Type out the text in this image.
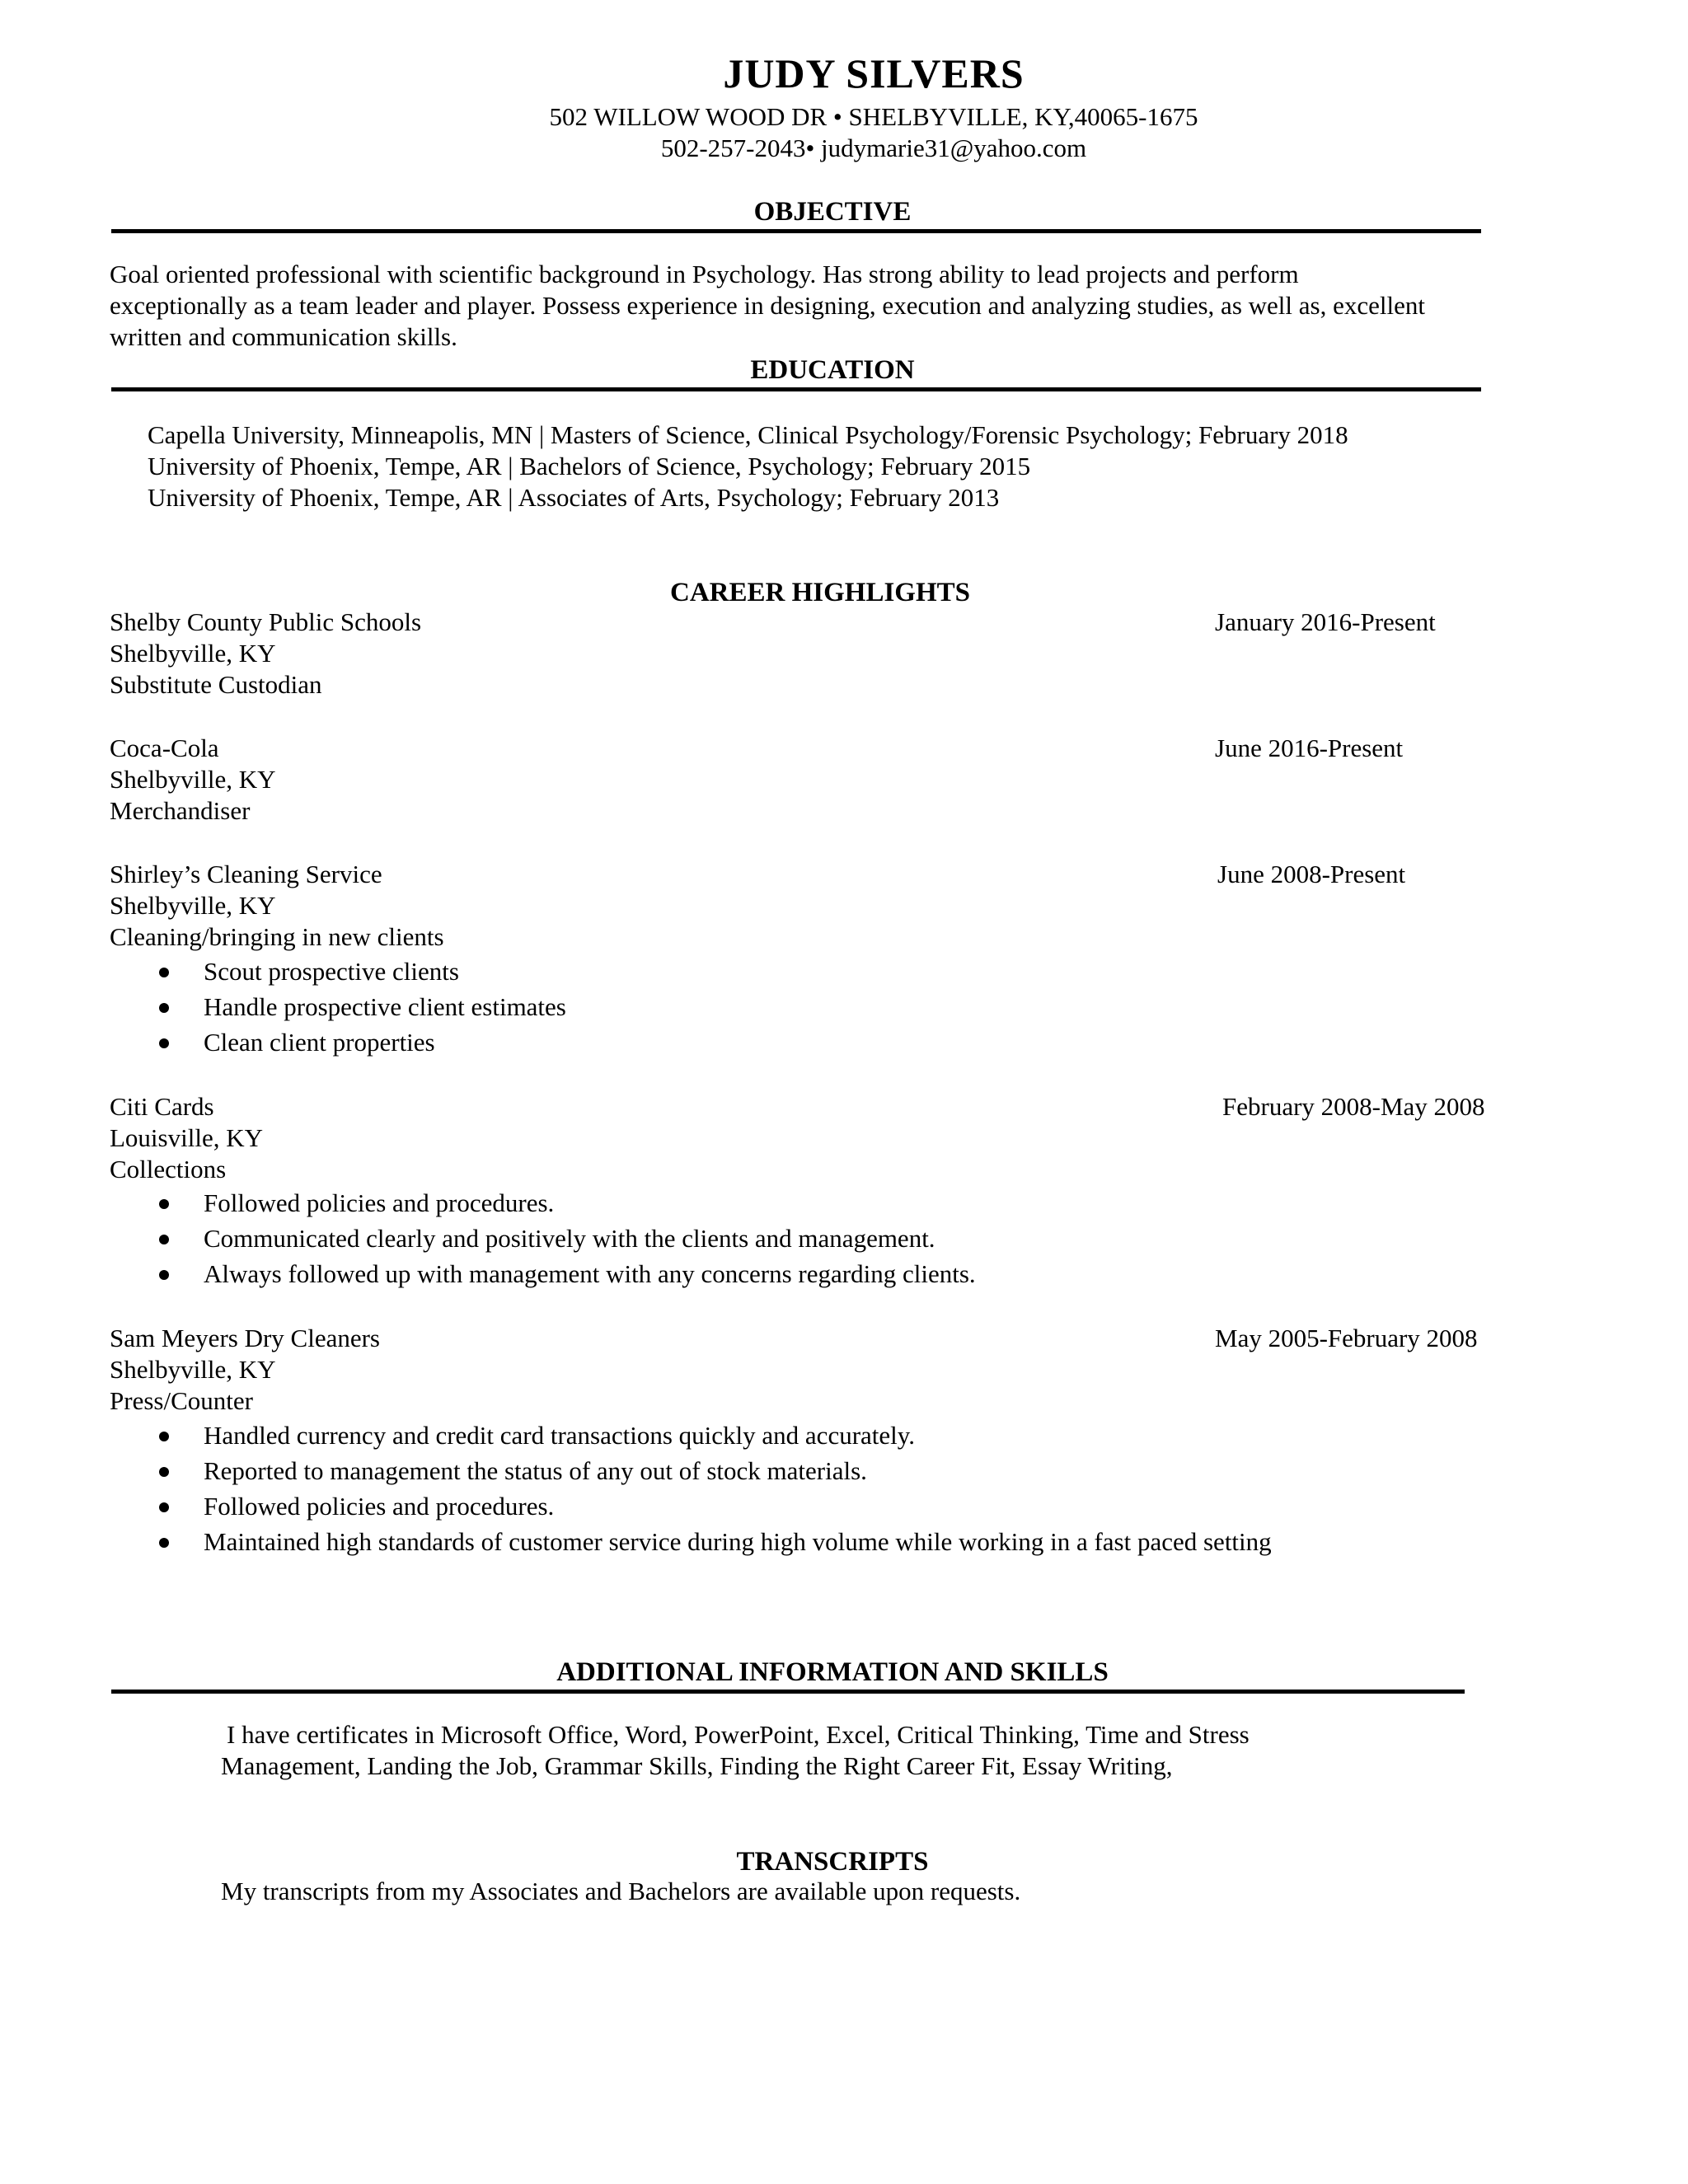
JUDY SILVERS
502 WILLOW WOOD DR • SHELBYVILLE, KY,40065-1675
502-257-2043• judymarie31@yahoo.com
OBJECTIVE
Goal oriented professional with scientific background in Psychology. Has strong ability to lead projects and perform
exceptionally as a team leader and player. Possess experience in designing, execution and analyzing studies, as well as, excellent
written and communication skills.
EDUCATION
Capella University, Minneapolis, MN | Masters of Science, Clinical Psychology/Forensic Psychology; February 2018
University of Phoenix, Tempe, AR | Bachelors of Science, Psychology; February 2015
University of Phoenix, Tempe, AR | Associates of Arts, Psychology; February 2013
CAREER HIGHLIGHTS
Shelby County Public Schools	January 2016-Present
Shelbyville, KY
Substitute Custodian
Coca-Cola	June 2016-Present
Shelbyville, KY
Merchandiser
Shirley’s Cleaning Service	June 2008-Present
Shelbyville, KY
Cleaning/bringing in new clients
Scout prospective clients
Handle prospective client estimates
Clean client properties
Citi Cards	February 2008-May 2008
Louisville, KY
Collections
Followed policies and procedures.
Communicated clearly and positively with the clients and management.
Always followed up with management with any concerns regarding clients.
Sam Meyers Dry Cleaners	May 2005-February 2008
Shelbyville, KY
Press/Counter
Handled currency and credit card transactions quickly and accurately.
Reported to management the status of any out of stock materials.
Followed policies and procedures.
Maintained high standards of customer service during high volume while working in a fast paced setting
ADDITIONAL INFORMATION AND SKILLS
I have certificates in Microsoft Office, Word, PowerPoint, Excel, Critical Thinking, Time and Stress
Management, Landing the Job, Grammar Skills, Finding the Right Career Fit, Essay Writing,
TRANSCRIPTS
My transcripts from my Associates and Bachelors are available upon requests.
